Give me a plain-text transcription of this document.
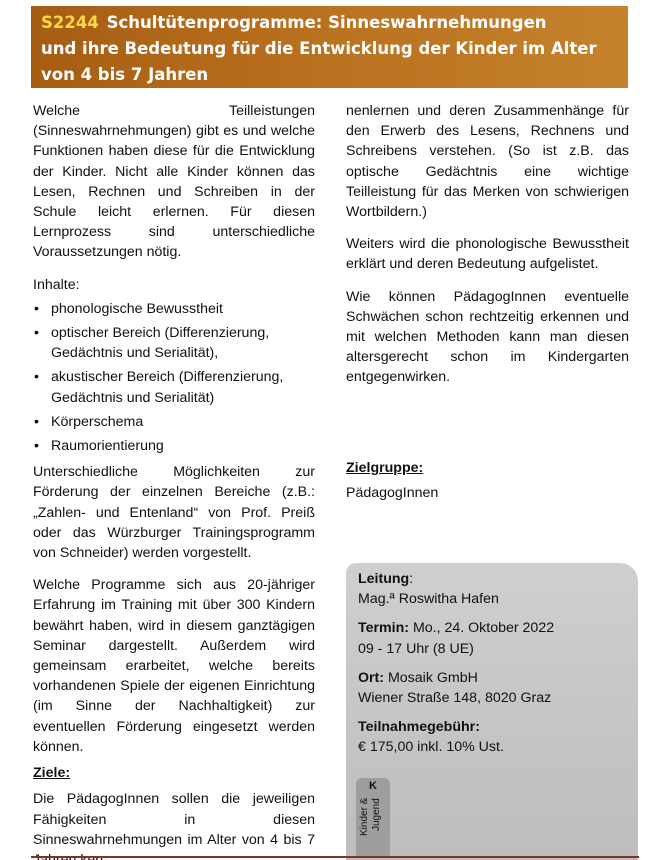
S2244 Schultütenprogramme: Sinneswahrnehmungen
und ihre Bedeutung für die Entwicklung der Kinder im Alter
von 4 bis 7 Jahren

Welche Teilleistungen (Sinneswahrnehmungen) gibt es und welche Funktionen haben diese für die Entwicklung der Kinder. Nicht alle Kinder können das Lesen, Rechnen und Schreiben in der Schule leicht erlernen. Für diesen Lernprozess sind unterschiedliche Voraussetzungen nötig.

Inhalte:

• phonologische Bewusstheit
• optischer Bereich (Differenzierung, Gedächtnis und Serialität),
• akustischer Bereich (Differenzierung, Gedächtnis und Serialität)
• Körperschema
• Raumorientierung

Unterschiedliche Möglichkeiten zur Förderung der einzelnen Bereiche (z.B.: „Zahlen- und Entenland“ von Prof. Preiß oder das Würzburger Trainingsprogramm von Schneider) werden vorgestellt.

Welche Programme sich aus 20-jähriger Erfahrung im Training mit über 300 Kindern bewährt haben, wird in diesem ganztägigen Seminar dargestellt. Außerdem wird gemeinsam erarbeitet, welche bereits vorhandenen Spiele der eigenen Einrichtung (im Sinne der Nachhaltigkeit) zur eventuellen Förderung eingesetzt werden können.

Ziele:

Die PädagogInnen sollen die jeweiligen Fähigkeiten in diesen Sinneswahrnehmungen im Alter von 4 bis 7

nenlernen und deren Zusammenhänge für den Erwerb des Lesens, Rechnens und Schreibens verstehen. (So ist z.B. das optische Gedächtnis eine wichtige Teilleistung für das Merken von schwierigen Wortbildern.)

Weiters wird die phonologische Bewusstheit erklärt und deren Bedeutung aufgelistet.

Wie können PädagogInnen eventuelle Schwächen schon rechtzeitig erkennen und mit welchen Methoden kann man diesen altersgerecht schon im Kindergarten entgegenwirken.

Zielgruppe:

PädagogInnen

Leitung:
Mag.ª Roswitha Hafen
Termin: Mo., 24. Oktober 2022
09 - 17 Uhr (8 UE)
Ort: Mosaik GmbH
Wiener Straße 148, 8020 Graz
Teilnahmegebühr:
€ 175,00 inkl. 10% Ust.
K
Kinder & Jugend
